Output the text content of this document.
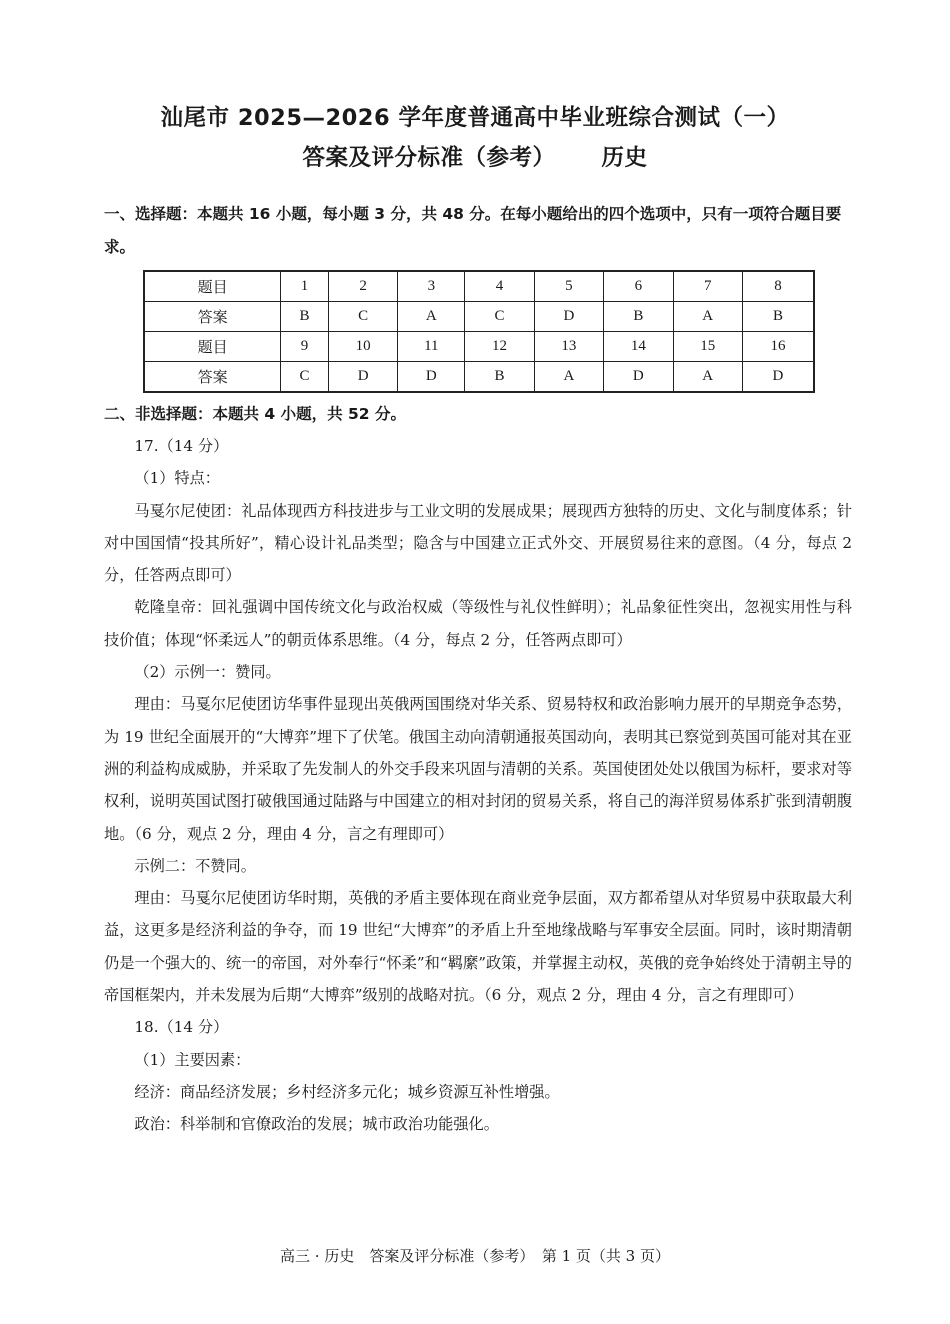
汕尾市 2025—2026 学年度普通高中毕业班综合测试（一）
答案及评分标准（参考） 历史
一、选择题：本题共 16 小题，每小题 3 分，共 48 分。在每小题给出的四个选项中，只有一项符合题目要求。
题目	1	2	3	4	5	6	7	8
答案	B	C	A	C	D	B	A	B
题目	9	10	11	12	13	14	15	16
答案	C	D	D	B	A	D	A	D
二、非选择题：本题共 4 小题，共 52 分。

17.（14 分）

（1）特点：

马戛尔尼使团：礼品体现西方科技进步与工业文明的发展成果；展现西方独特的历史、文化与制度体系；针对中国国情“投其所好”，精心设计礼品类型；隐含与中国建立正式外交、开展贸易往来的意图。（4 分，每点 2 分，任答两点即可）

乾隆皇帝：回礼强调中国传统文化与政治权威（等级性与礼仪性鲜明）；礼品象征性突出，忽视实用性与科技价值；体现“怀柔远人”的朝贡体系思维。（4 分，每点 2 分，任答两点即可）

（2）示例一：赞同。

理由：马戛尔尼使团访华事件显现出英俄两国围绕对华关系、贸易特权和政治影响力展开的早期竞争态势，为 19 世纪全面展开的“大博弈”埋下了伏笔。俄国主动向清朝通报英国动向，表明其已察觉到英国可能对其在亚洲的利益构成威胁，并采取了先发制人的外交手段来巩固与清朝的关系。英国使团处处以俄国为标杆，要求对等权利，说明英国试图打破俄国通过陆路与中国建立的相对封闭的贸易关系，将自己的海洋贸易体系扩张到清朝腹地。（6 分，观点 2 分，理由 4 分，言之有理即可）

示例二：不赞同。

理由：马戛尔尼使团访华时期，英俄的矛盾主要体现在商业竞争层面，双方都希望从对华贸易中获取最大利益，这更多是经济利益的争夺，而 19 世纪“大博弈”的矛盾上升至地缘战略与军事安全层面。同时，该时期清朝仍是一个强大的、统一的帝国，对外奉行“怀柔”和“羁縻”政策，并掌握主动权，英俄的竞争始终处于清朝主导的帝国框架内，并未发展为后期“大博弈”级别的战略对抗。（6 分，观点 2 分，理由 4 分，言之有理即可）

18.（14 分）

（1）主要因素：

经济：商品经济发展；乡村经济多元化；城乡资源互补性增强。

政治：科举制和官僚政治的发展；城市政治功能强化。

高三 · 历史　答案及评分标准（参考）　第 1 页（共 3 页）
